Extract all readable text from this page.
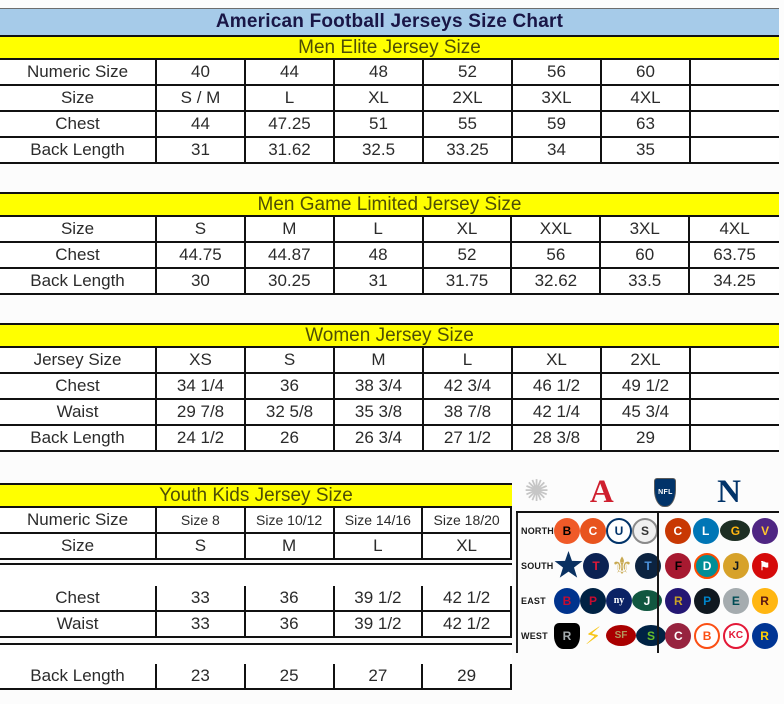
American Football Jerseys Size Chart
Men Elite Jersey Size
Numeric Size	40	44	48	52	56	60
Size	S / M	L	XL	2XL	3XL	4XL
Chest	44	47.25	51	55	59	63
Back Length	31	31.62	32.5	33.25	34	35
Men Game Limited Jersey Size
Size	S	M	L	XL	XXL	3XL	4XL
Chest	44.75	44.87	48	52	56	60	63.75
Back Length	30	30.25	31	31.75	32.62	33.5	34.25
Women Jersey Size
Jersey Size	XS	S	M	L	XL	2XL
Chest	34 1/4	36	38 3/4	42 3/4	46 1/2	49 1/2
Waist	29 7/8	32 5/8	35 3/8	38 7/8	42 1/4	45 3/4
Back Length	24 1/2	26	26 3/4	27 1/2	28 3/8	29
Youth Kids Jersey Size
Numeric Size	Size 8	Size 10/12	Size 14/16	Size 18/20
Size	S	M	L	XL
Chest	33	36	39 1/2	42 1/2
Waist	33	36	39 1/2	42 1/2
Back Length	23	25	27	29
✺ A	NFL N
NORTH B	C	U	S	C	L	G	V
SOUTH	T ⚜ T	F	D	J	⚑
EAST	B	P	ny	J	R	P	E	R
WEST	R ⚡	SF	S	C	B	KC	R
